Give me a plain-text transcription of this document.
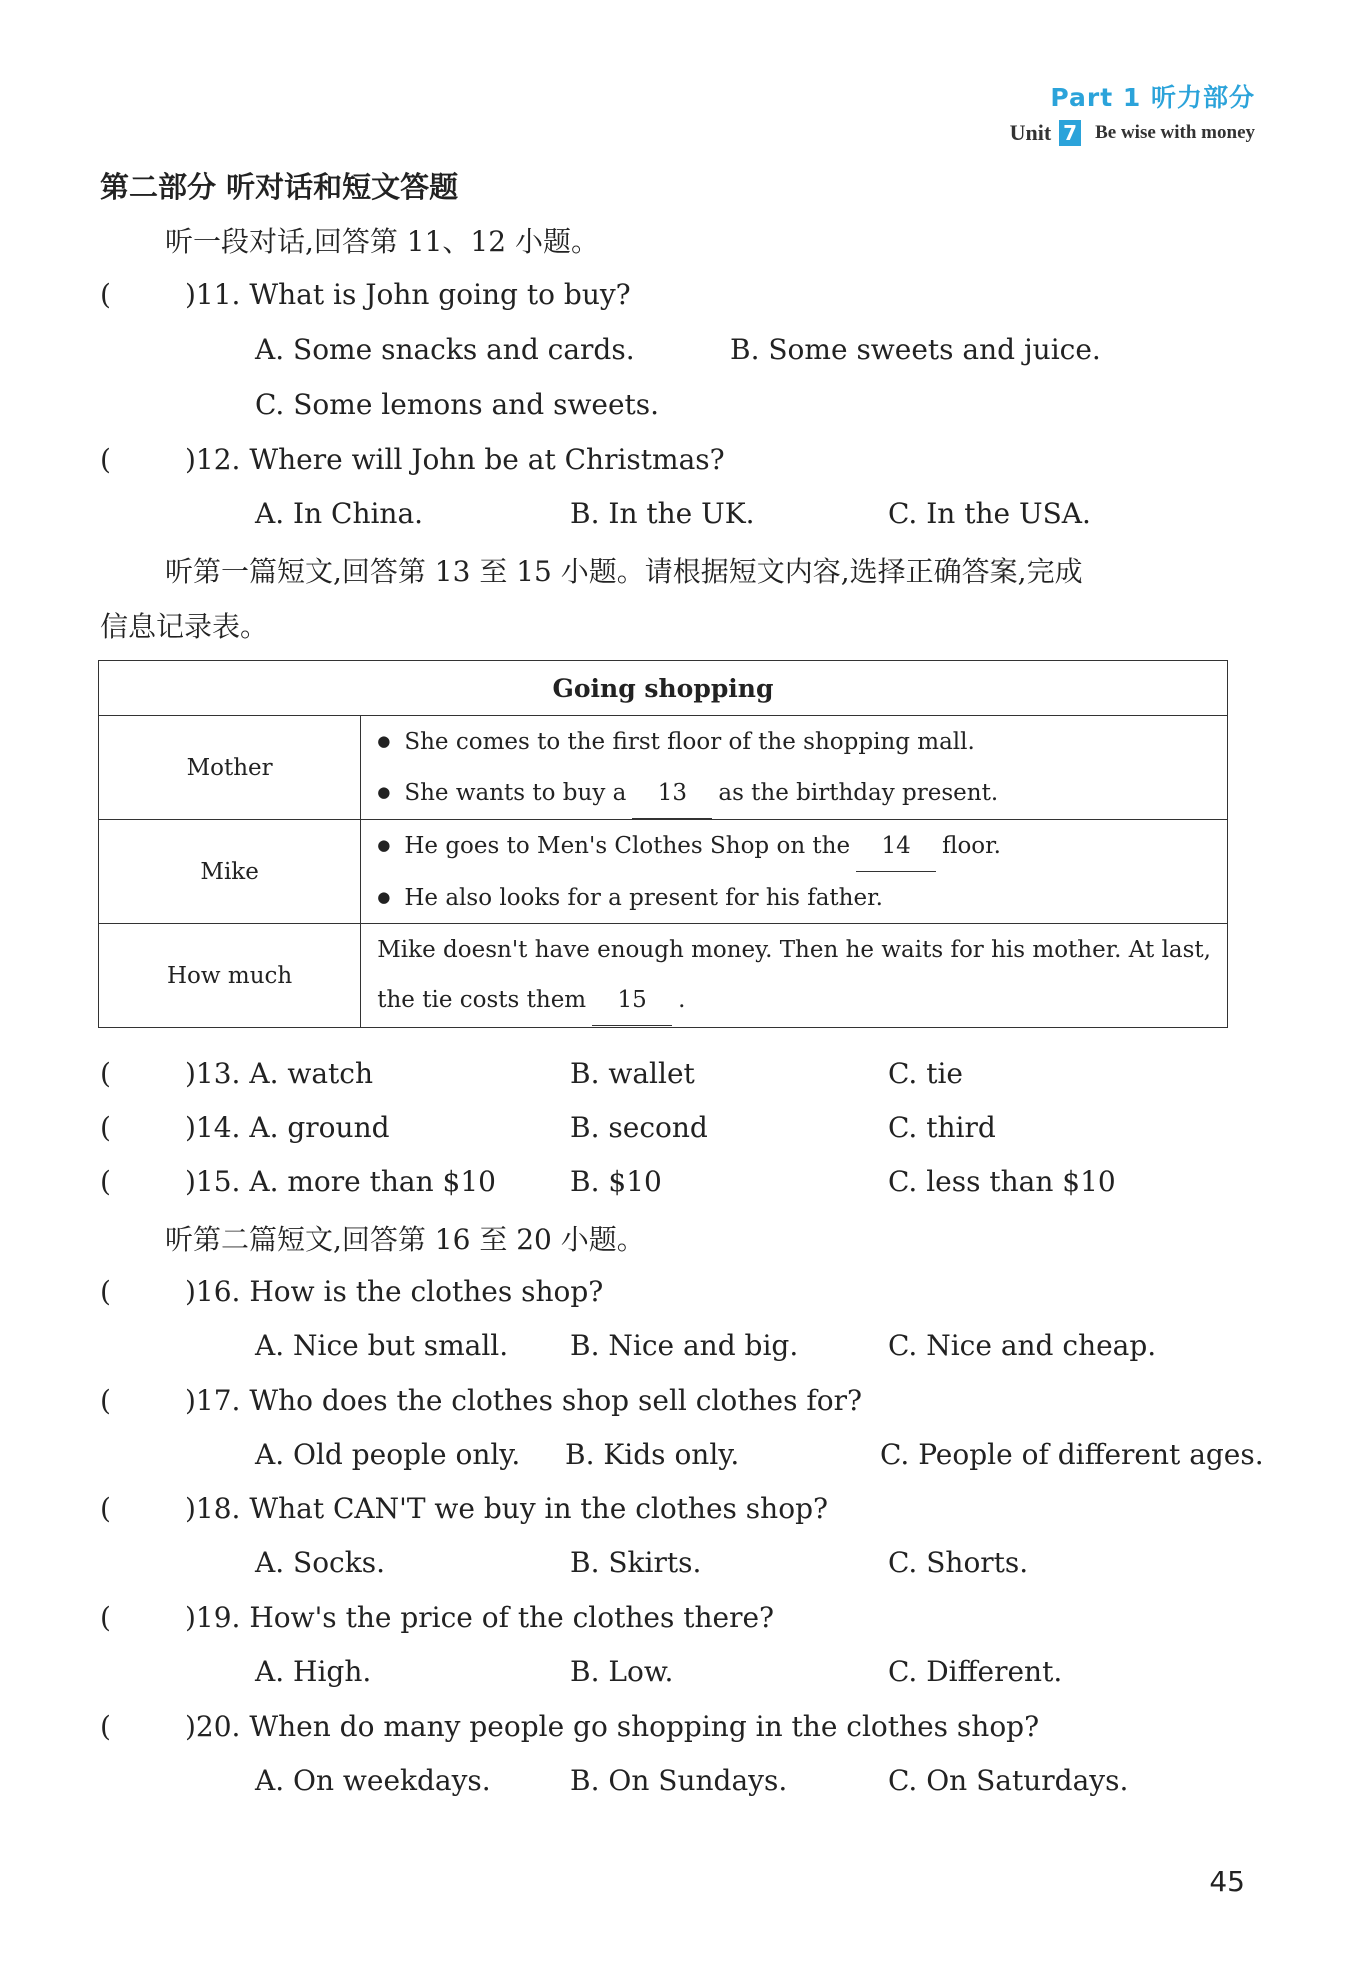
Part 1 听力部分
Unit 7 Be wise with money
第二部分 听对话和短文答题
听一段对话,回答第 11、12 小题。
(	)11. What is John going to buy?
A. Some snacks and cards.	B. Some sweets and juice.
C. Some lemons and sweets.
(	)12. Where will John be at Christmas?
A. In China.	B. In the UK.	C. In the USA.
听第一篇短文,回答第 13 至 15 小题。请根据短文内容,选择正确答案,完成
信息记录表。
Going shopping	
Mother	● She comes to the first floor of the shopping mall.
● She wants to buy a 13 as the birthday present.

Mike	● He goes to Men's Clothes Shop on the 14 floor.
● He also looks for a present for his father.

How much	Mike doesn't have enough money. Then he waits for his mother. At last,
the tie costs them 15 .
(	)13. A. watch	B. wallet	C. tie
(	)14. A. ground	B. second	C. third
(	)15. A. more than $10	B. $10	C. less than $10
听第二篇短文,回答第 16 至 20 小题。
(	)16. How is the clothes shop?
A. Nice but small. B. Nice and big.	C. Nice and cheap.
(	)17. Who does the clothes shop sell clothes for?
A. Old people only. B. Kids only.	C. People of different ages.
(	)18. What CAN'T we buy in the clothes shop?
A. Socks.	B. Skirts.	C. Shorts.
(	)19. How's the price of the clothes there?
A. High.	B. Low.	C. Different.
(	)20. When do many people go shopping in the clothes shop?
A. On weekdays.	B. On Sundays.	C. On Saturdays.
45
